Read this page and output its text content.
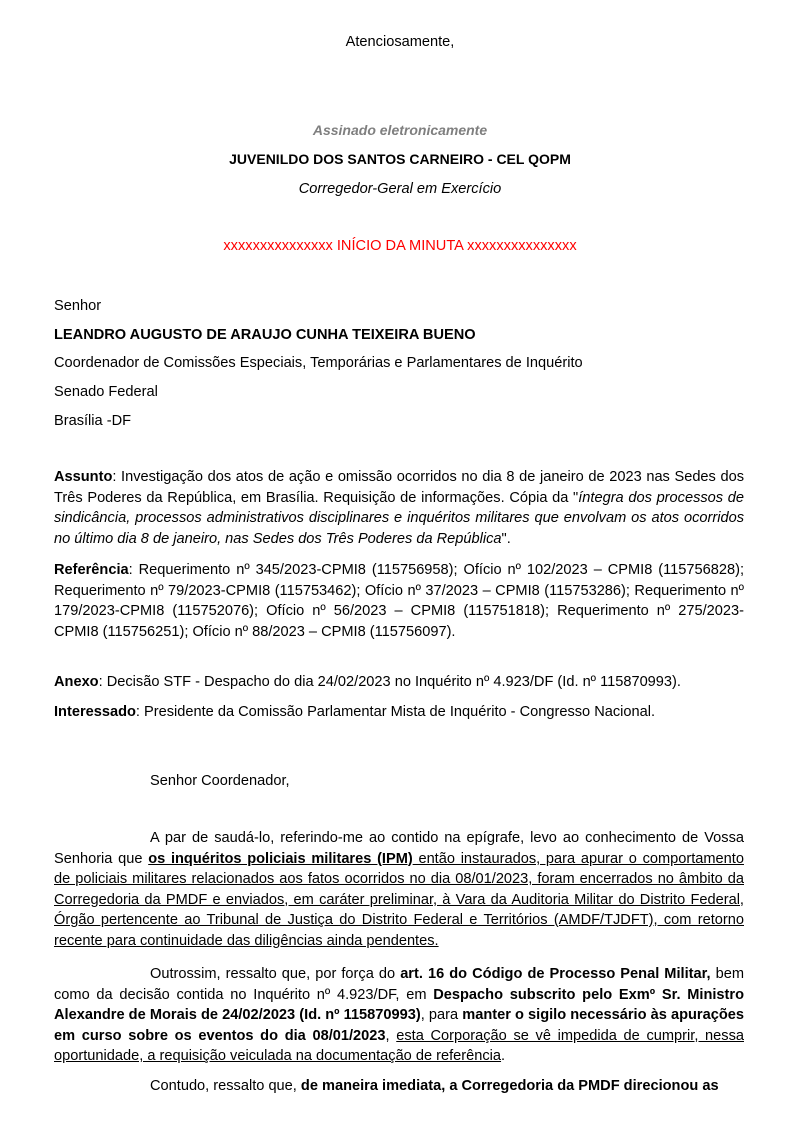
Atenciosamente,
Assinado eletronicamente
JUVENILDO DOS SANTOS CARNEIRO - CEL QOPM
Corregedor-Geral em Exercício
xxxxxxxxxxxxxxx INÍCIO DA MINUTA xxxxxxxxxxxxxxx
Senhor
LEANDRO AUGUSTO DE ARAUJO CUNHA TEIXEIRA BUENO
Coordenador de Comissões Especiais, Temporárias e Parlamentares de Inquérito
Senado Federal
Brasília -DF
Assunto: Investigação dos atos de ação e omissão ocorridos no dia 8 de janeiro de 2023 nas Sedes dos Três Poderes da República, em Brasília. Requisição de informações. Cópia da "íntegra dos processos de sindicância, processos administrativos disciplinares e inquéritos militares que envolvam os atos ocorridos no último dia 8 de janeiro, nas Sedes dos Três Poderes da República".
Referência: Requerimento nº 345/2023-CPMI8 (115756958); Ofício nº 102/2023 – CPMI8 (115756828); Requerimento nº 79/2023-CPMI8 (115753462); Ofício nº 37/2023 – CPMI8 (115753286); Requerimento nº 179/2023-CPMI8 (115752076); Ofício nº 56/2023 – CPMI8 (115751818); Requerimento nº 275/2023-CPMI8 (115756251); Ofício nº 88/2023 – CPMI8 (115756097).
Anexo: Decisão STF - Despacho do dia 24/02/2023 no Inquérito nº 4.923/DF (Id. nº 115870993).
Interessado: Presidente da Comissão Parlamentar Mista de Inquérito - Congresso Nacional.
Senhor Coordenador,
A par de saudá-lo, referindo-me ao contido na epígrafe, levo ao conhecimento de Vossa Senhoria que os inquéritos policiais militares (IPM) então instaurados, para apurar o comportamento de policiais militares relacionados aos fatos ocorridos no dia 08/01/2023, foram encerrados no âmbito da Corregedoria da PMDF e enviados, em caráter preliminar, à Vara da Auditoria Militar do Distrito Federal, Órgão pertencente ao Tribunal de Justiça do Distrito Federal e Territórios (AMDF/TJDFT), com retorno recente para continuidade das diligências ainda pendentes.
Outrossim, ressalto que, por força do art. 16 do Código de Processo Penal Militar, bem como da decisão contida no Inquérito nº 4.923/DF, em Despacho subscrito pelo Exmº Sr. Ministro Alexandre de Morais de 24/02/2023 (Id. nº 115870993), para manter o sigilo necessário às apurações em curso sobre os eventos do dia 08/01/2023, esta Corporação se vê impedida de cumprir, nessa oportunidade, a requisição veiculada na documentação de referência.
Contudo, ressalto que, de maneira imediata, a Corregedoria da PMDF direcionou as
